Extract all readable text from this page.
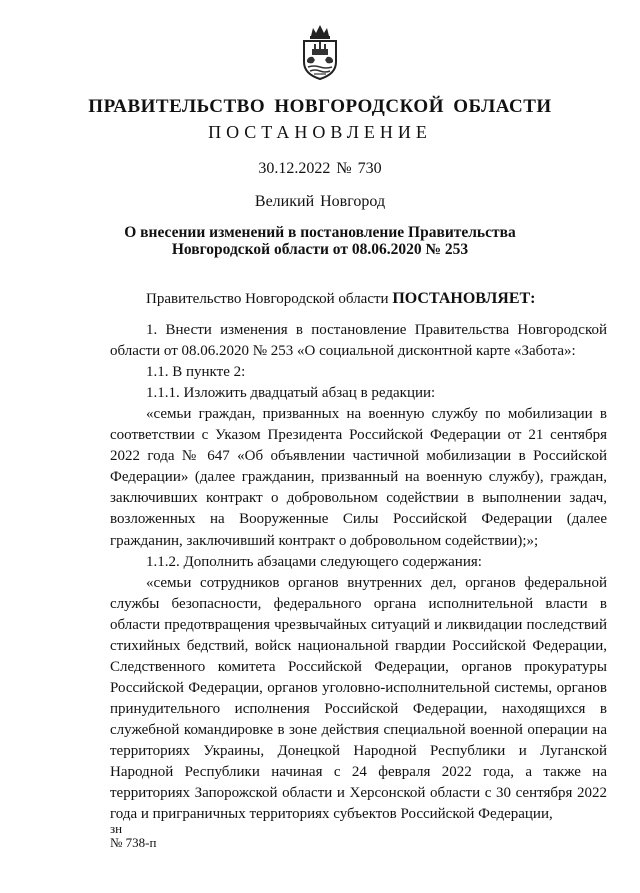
ПРАВИТЕЛЬСТВО НОВГОРОДСКОЙ ОБЛАСТИ
ПОСТАНОВЛЕНИЕ
30.12.2022 № 730
Великий Новгород
О внесении изменений в постановление Правительства
Новгородской области от 08.06.2020 № 253

Правительство Новгородской области ПОСТАНОВЛЯЕТ:

1. Внести изменения в постановление Правительства Новгородской области от 08.06.2020 № 253 «О социальной дисконтной карте «Забота»:

1.1. В пункте 2:

1.1.1. Изложить двадцатый абзац в редакции:

«семьи граждан, призванных на военную службу по мобилизации в соответствии с Указом Президента Российской Федерации от 21 сентября 2022 года № 647 «Об объявлении частичной мобилизации в Российской Федерации» (далее гражданин, призванный на военную службу), граждан, заключивших контракт о добровольном содействии в выполнении задач, возложенных на Вооруженные Силы Российской Федерации (далее гражданин, заключивший контракт о добровольном содействии);»;

1.1.2. Дополнить абзацами следующего содержания:

«семьи сотрудников органов внутренних дел, органов федеральной службы безопасности, федерального органа исполнительной власти в области предотвращения чрезвычайных ситуаций и ликвидации последствий стихийных бедствий, войск национальной гвардии Российской Федерации, Следственного комитета Российской Федерации, органов прокуратуры Российской Федерации, органов уголовно-исполнительной системы, органов принудительного исполнения Российской Федерации, находящихся в служебной командировке в зоне действия специальной военной операции на территориях Украины, Донецкой Народной Республики и Луганской Народной Республики начиная с 24 февраля 2022 года, а также на территориях Запорожской области и Херсонской области с 30 сентября 2022 года и приграничных территориях субъектов Российской Федерации,

зн
№ 738-п
